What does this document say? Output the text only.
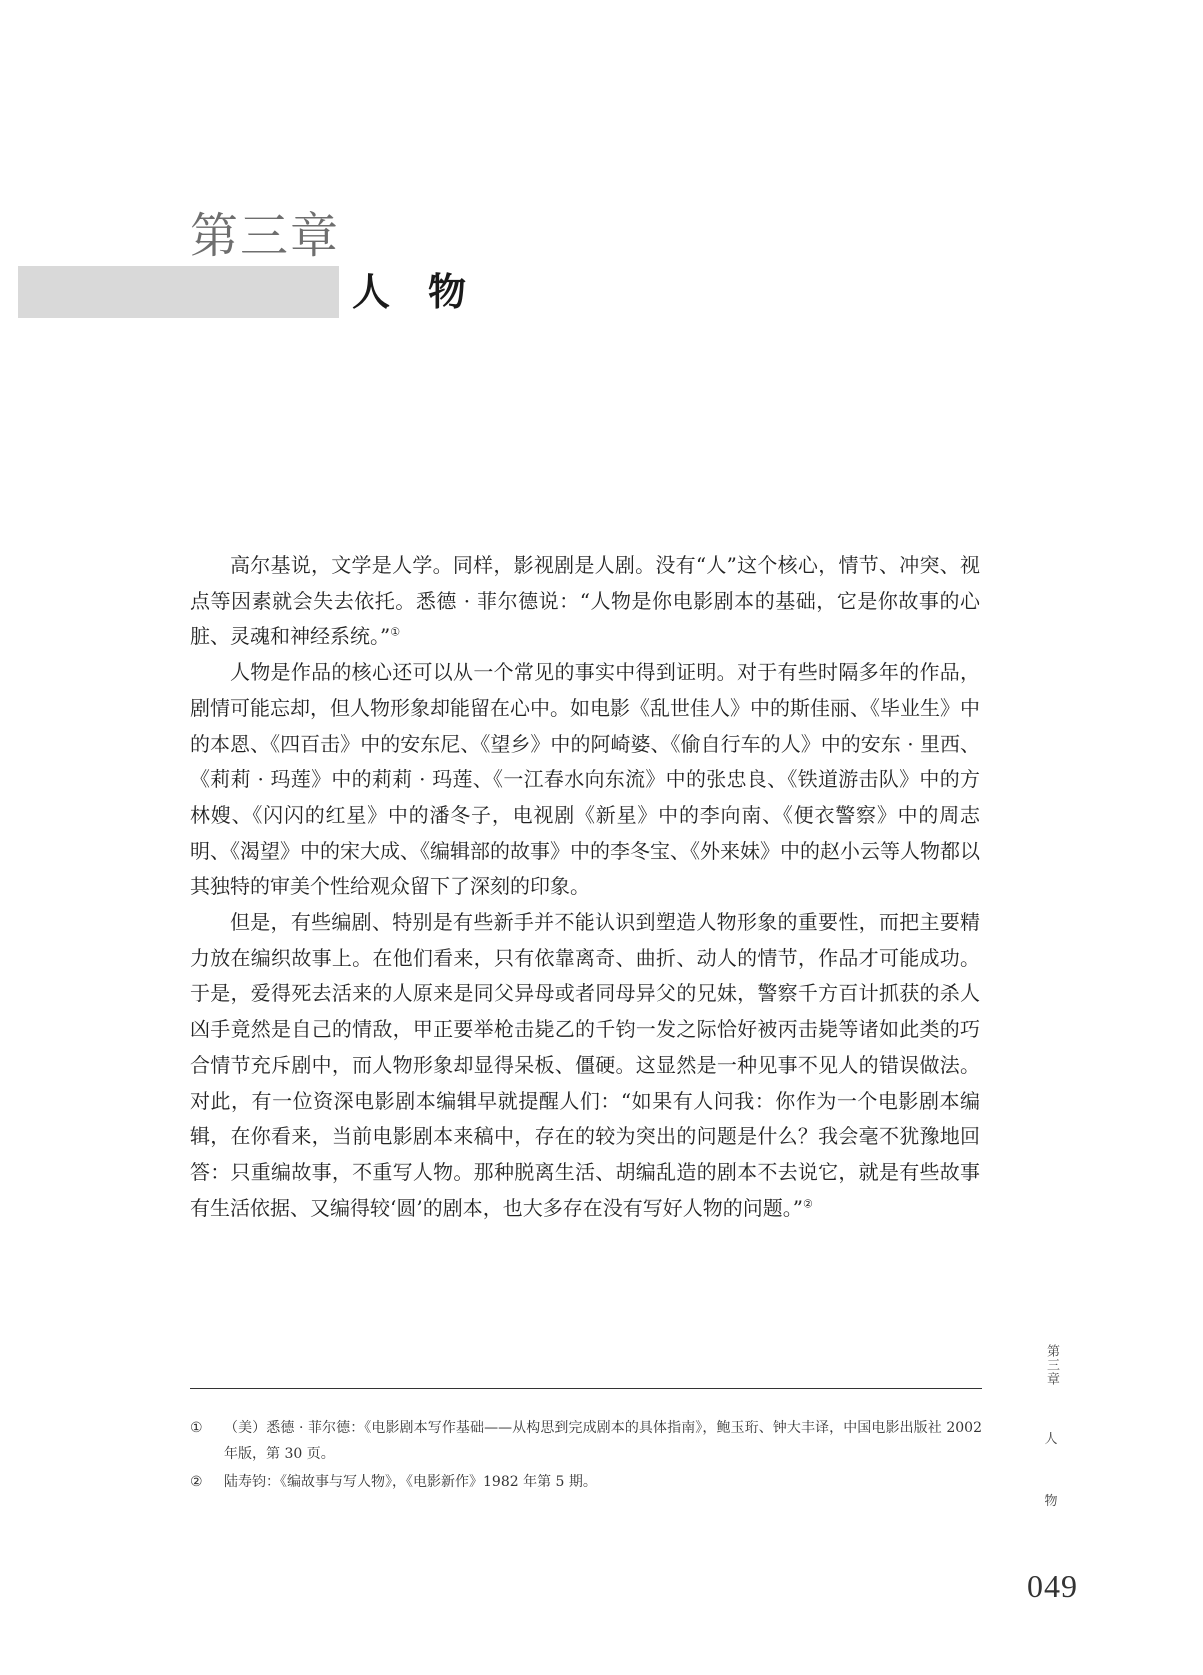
第三章
人　物

高尔基说，文学是人学。同样，影视剧是人剧。没有“人”这个核心，情节、冲突、视点等因素就会失去依托。悉德 · 菲尔德说：“人物是你电影剧本的基础，它是你故事的心脏、灵魂和神经系统。”①

人物是作品的核心还可以从一个常见的事实中得到证明。对于有些时隔多年的作品，剧情可能忘却，但人物形象却能留在心中。如电影《乱世佳人》中的斯佳丽、《毕业生》中的本恩、《四百击》中的安东尼、《望乡》中的阿崎婆、《偷自行车的人》中的安东 · 里西、《莉莉 · 玛莲》中的莉莉 · 玛莲、《一江春水向东流》中的张忠良、《铁道游击队》中的方林嫂、《闪闪的红星》中的潘冬子，电视剧《新星》中的李向南、《便衣警察》中的周志明、《渴望》中的宋大成、《编辑部的故事》中的李冬宝、《外来妹》中的赵小云等人物都以其独特的审美个性给观众留下了深刻的印象。

但是，有些编剧、特别是有些新手并不能认识到塑造人物形象的重要性，而把主要精力放在编织故事上。在他们看来，只有依靠离奇、曲折、动人的情节，作品才可能成功。于是，爱得死去活来的人原来是同父异母或者同母异父的兄妹，警察千方百计抓获的杀人凶手竟然是自己的情敌，甲正要举枪击毙乙的千钧一发之际恰好被丙击毙等诸如此类的巧合情节充斥剧中，而人物形象却显得呆板、僵硬。这显然是一种见事不见人的错误做法。对此，有一位资深电影剧本编辑早就提醒人们：“如果有人问我：你作为一个电影剧本编辑，在你看来，当前电影剧本来稿中，存在的较为突出的问题是什么？我会毫不犹豫地回答：只重编故事，不重写人物。那种脱离生活、胡编乱造的剧本不去说它，就是有些故事有生活依据、又编得较‘圆’的剧本，也大多存在没有写好人物的问题。”②

①	（美）悉德 · 菲尔德：《电影剧本写作基础——从构思到完成剧本的具体指南》，鲍玉珩、钟大丰译，中国电影出版社 2002 年版，第 30 页。
②	陆寿钧：《编故事与写人物》，《电影新作》1982 年第 5 期。
第三章
人
物
049
